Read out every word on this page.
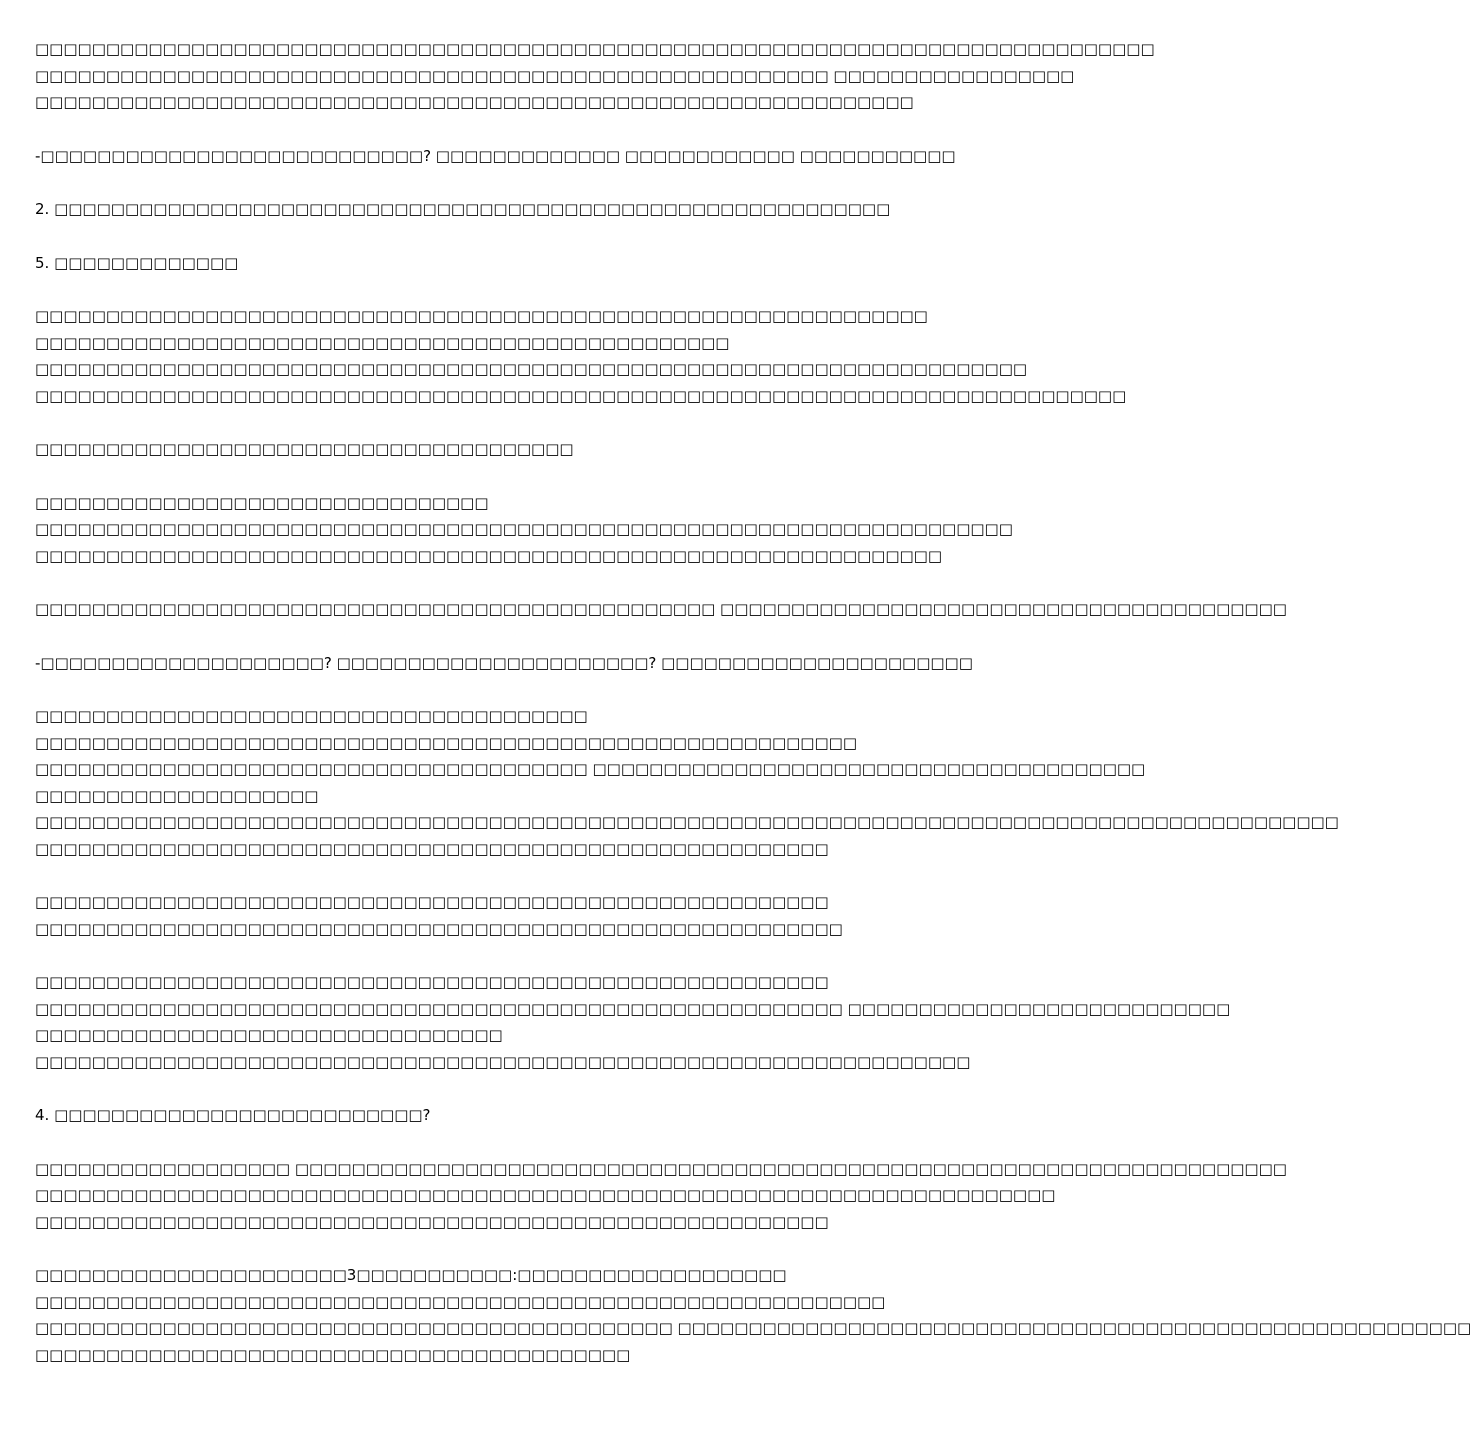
□□□□□□□□□□□□□□□□□□□□□□□□□□□□□□□□□□□□□□□□□□□□□□□□□□□□□□□□□□□□□□□□□□□□□□□□□□□□□□□
□□□□□□□□□□□□□□□□□□□□□□□□□□□□□□□□□□□□□□□□□□□□□□□□□□□□□□□□ □□□□□□□□□□□□□□□□□
□□□□□□□□□□□□□□□□□□□□□□□□□□□□□□□□□□□□□□□□□□□□□□□□□□□□□□□□□□□□□□
-□□□□□□□□□□□□□□□□□□□□□□□□□□□? □□□□□□□□□□□□□ □□□□□□□□□□□□ □□□□□□□□□□□
2. □□□□□□□□□□□□□□□□□□□□□□□□□□□□□□□□□□□□□□□□□□□□□□□□□□□□□□□□□□□
5. □□□□□□□□□□□□□
□□□□□□□□□□□□□□□□□□□□□□□□□□□□□□□□□□□□□□□□□□□□□□□□□□□□□□□□□□□□□□□
□□□□□□□□□□□□□□□□□□□□□□□□□□□□□□□□□□□□□□□□□□□□□□□□□
□□□□□□□□□□□□□□□□□□□□□□□□□□□□□□□□□□□□□□□□□□□□□□□□□□□□□□□□□□□□□□□□□□□□□□
□□□□□□□□□□□□□□□□□□□□□□□□□□□□□□□□□□□□□□□□□□□□□□□□□□□□□□□□□□□□□□□□□□□□□□□□□□□□□
□□□□□□□□□□□□□□□□□□□□□□□□□□□□□□□□□□□□□□
□□□□□□□□□□□□□□□□□□□□□□□□□□□□□□□□
□□□□□□□□□□□□□□□□□□□□□□□□□□□□□□□□□□□□□□□□□□□□□□□□□□□□□□□□□□□□□□□□□□□□□
□□□□□□□□□□□□□□□□□□□□□□□□□□□□□□□□□□□□□□□□□□□□□□□□□□□□□□□□□□□□□□□□
□□□□□□□□□□□□□□□□□□□□□□□□□□□□□□□□□□□□□□□□□□□□□□□□ □□□□□□□□□□□□□□□□□□□□□□□□□□□□□□□□□□□□□□□□
-□□□□□□□□□□□□□□□□□□□□? □□□□□□□□□□□□□□□□□□□□□□? □□□□□□□□□□□□□□□□□□□□□□
□□□□□□□□□□□□□□□□□□□□□□□□□□□□□□□□□□□□□□□
□□□□□□□□□□□□□□□□□□□□□□□□□□□□□□□□□□□□□□□□□□□□□□□□□□□□□□□□□□
□□□□□□□□□□□□□□□□□□□□□□□□□□□□□□□□□□□□□□□ □□□□□□□□□□□□□□□□□□□□□□□□□□□□□□□□□□□□□□□
□□□□□□□□□□□□□□□□□□□□
□□□□□□□□□□□□□□□□□□□□□□□□□□□□□□□□□□□□□□□□□□□□□□□□□□□□□□□□□□□□□□□□□□□□□□□□□□□□□□□□□□□□□□□□□□□□
□□□□□□□□□□□□□□□□□□□□□□□□□□□□□□□□□□□□□□□□□□□□□□□□□□□□□□□□
□□□□□□□□□□□□□□□□□□□□□□□□□□□□□□□□□□□□□□□□□□□□□□□□□□□□□□□□
□□□□□□□□□□□□□□□□□□□□□□□□□□□□□□□□□□□□□□□□□□□□□□□□□□□□□□□□□
□□□□□□□□□□□□□□□□□□□□□□□□□□□□□□□□□□□□□□□□□□□□□□□□□□□□□□□□
□□□□□□□□□□□□□□□□□□□□□□□□□□□□□□□□□□□□□□□□□□□□□□□□□□□□□□□□□ □□□□□□□□□□□□□□□□□□□□□□□□□□□
□□□□□□□□□□□□□□□□□□□□□□□□□□□□□□□□□
□□□□□□□□□□□□□□□□□□□□□□□□□□□□□□□□□□□□□□□□□□□□□□□□□□□□□□□□□□□□□□□□□□
4. □□□□□□□□□□□□□□□□□□□□□□□□□□?
□□□□□□□□□□□□□□□□□□ □□□□□□□□□□□□□□□□□□□□□□□□□□□□□□□□□□□□□□□□□□□□□□□□□□□□□□□□□□□□□□□□□□□□□□
□□□□□□□□□□□□□□□□□□□□□□□□□□□□□□□□□□□□□□□□□□□□□□□□□□□□□□□□□□□□□□□□□□□□□□□□
□□□□□□□□□□□□□□□□□□□□□□□□□□□□□□□□□□□□□□□□□□□□□□□□□□□□□□□□
□□□□□□□□□□□□□□□□□□□□□□3□□□□□□□□□□□:□□□□□□□□□□□□□□□□□□□
□□□□□□□□□□□□□□□□□□□□□□□□□□□□□□□□□□□□□□□□□□□□□□□□□□□□□□□□□□□□
□□□□□□□□□□□□□□□□□□□□□□□□□□□□□□□□□□□□□□□□□□□□□ □□□□□□□□□□□□□□□□□□□□□□□□□□□□□□□□□□□□□□□□□□□□□□□□□□□□□□□□
□□□□□□□□□□□□□□□□□□□□□□□□□□□□□□□□□□□□□□□□□□
